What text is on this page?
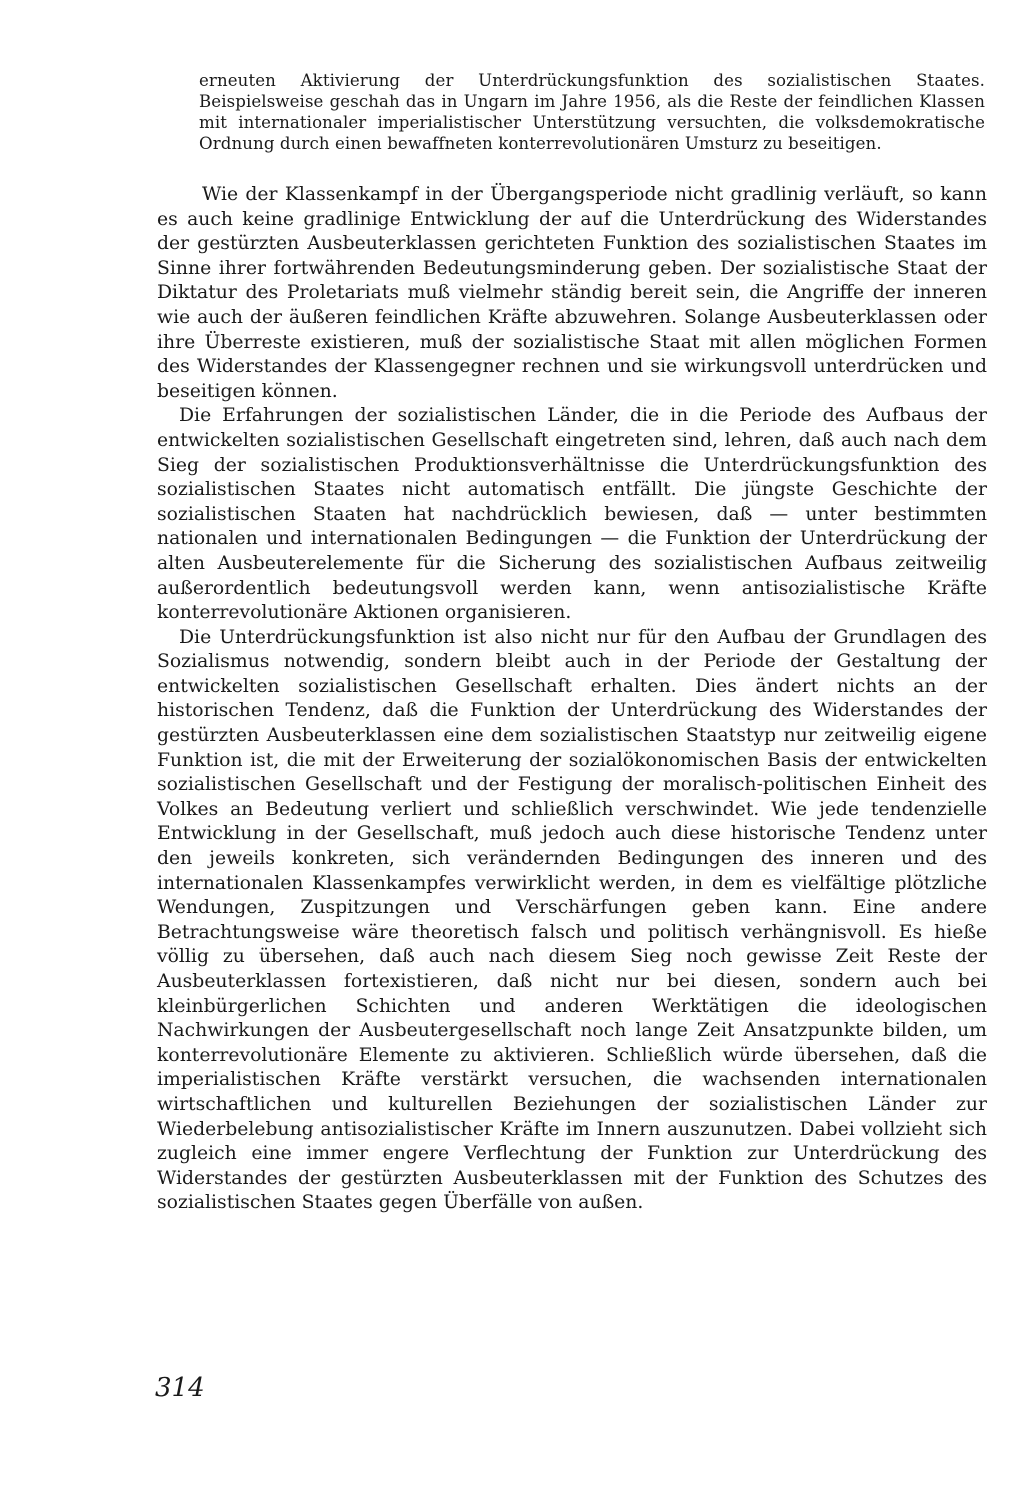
erneuten Aktivierung der Unterdrückungsfunktion des sozialistischen Staates. Beispielsweise geschah das in Ungarn im Jahre 1956, als die Reste der feindlichen Klassen mit internationaler imperialistischer Unterstützung versuchten, die volksdemokratische Ordnung durch einen bewaffneten konterrevolutionären Umsturz zu beseitigen.

Wie der Klassenkampf in der Übergangsperiode nicht gradlinig verläuft, so kann es auch keine gradlinige Entwicklung der auf die Unterdrückung des Widerstandes der gestürzten Ausbeuterklassen gerichteten Funktion des sozialistischen Staates im Sinne ihrer fortwährenden Bedeutungsminderung geben. Der sozialistische Staat der Diktatur des Proletariats muß vielmehr ständig bereit sein, die Angriffe der inneren wie auch der äußeren feindlichen Kräfte abzuwehren. Solange Ausbeuterklassen oder ihre Überreste existieren, muß der sozialistische Staat mit allen möglichen Formen des Widerstandes der Klassengegner rechnen und sie wirkungsvoll unterdrücken und beseitigen können.

Die Erfahrungen der sozialistischen Länder, die in die Periode des Aufbaus der entwickelten sozialistischen Gesellschaft eingetreten sind, lehren, daß auch nach dem Sieg der sozialistischen Produktionsverhältnisse die Unterdrückungsfunktion des sozialistischen Staates nicht automatisch entfällt. Die jüngste Geschichte der sozialistischen Staaten hat nachdrücklich bewiesen, daß — unter bestimmten nationalen und internationalen Bedingungen — die Funktion der Unterdrückung der alten Ausbeuterelemente für die Sicherung des sozialistischen Aufbaus zeitweilig außerordentlich bedeutungsvoll werden kann, wenn antisozialistische Kräfte konterrevolutionäre Aktionen organisieren.

Die Unterdrückungsfunktion ist also nicht nur für den Aufbau der Grundlagen des Sozialismus notwendig, sondern bleibt auch in der Periode der Gestaltung der entwickelten sozialistischen Gesellschaft erhalten. Dies ändert nichts an der historischen Tendenz, daß die Funktion der Unterdrückung des Widerstandes der gestürzten Ausbeuterklassen eine dem sozialistischen Staatstyp nur zeitweilig eigene Funktion ist, die mit der Erweiterung der sozialökonomischen Basis der entwickelten sozialistischen Gesellschaft und der Festigung der moralisch-politischen Einheit des Volkes an Bedeutung verliert und schließlich verschwindet. Wie jede tendenzielle Entwicklung in der Gesellschaft, muß jedoch auch diese historische Tendenz unter den jeweils konkreten, sich verändernden Bedingungen des inneren und des internationalen Klassenkampfes verwirklicht werden, in dem es vielfältige plötzliche Wendungen, Zuspitzungen und Verschärfungen geben kann. Eine andere Betrachtungsweise wäre theoretisch falsch und politisch verhängnisvoll. Es hieße völlig zu übersehen, daß auch nach diesem Sieg noch gewisse Zeit Reste der Ausbeuterklassen fortexistieren, daß nicht nur bei diesen, sondern auch bei kleinbürgerlichen Schichten und anderen Werktätigen die ideologischen Nachwirkungen der Ausbeutergesellschaft noch lange Zeit Ansatzpunkte bilden, um konterrevolutionäre Elemente zu aktivieren. Schließlich würde übersehen, daß die imperialistischen Kräfte verstärkt versuchen, die wachsenden internationalen wirtschaftlichen und kulturellen Beziehungen der sozialistischen Länder zur Wiederbelebung antisozialistischer Kräfte im Innern auszunutzen. Dabei vollzieht sich zugleich eine immer engere Verflechtung der Funktion zur Unterdrückung des Widerstandes der gestürzten Ausbeuterklassen mit der Funktion des Schutzes des sozialistischen Staates gegen Überfälle von außen.

314
